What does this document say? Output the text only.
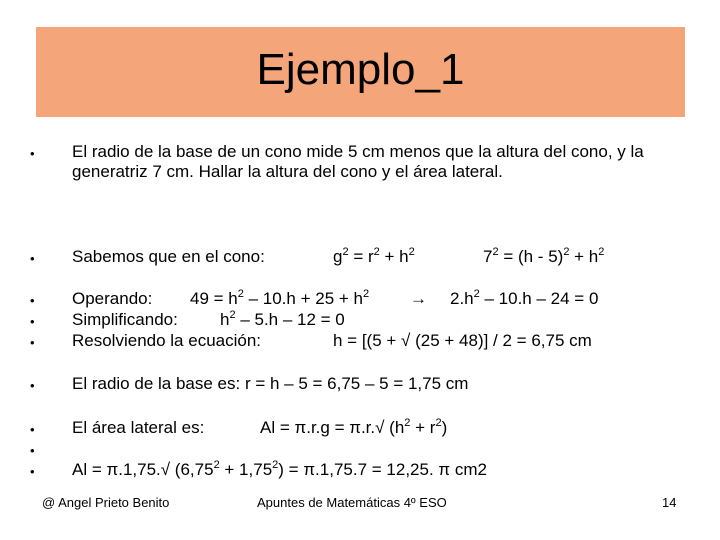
Ejemplo_1
• El radio de la base de un cono mide 5 cm menos que la altura del cono, y la
generatriz 7 cm. Hallar la altura del cono y el área lateral.
• Sabemos que en el cono:	$g^2 = r^2 + h^2$	$7^2 = (h - 5)^2 + h^2$
• Operando: $49 = h^2 - 10.h + 25 + h^2 \to 2.h^2 - 10.h - 24 = 0$
• Simplificando: $h^2 - 5.h - 12 = 0$
• Resolviendo la ecuación:	h = [(5 + √ (25 + 48)] / 2 = 6,75 cm
• El radio de la base es: r = h – 5 = 6,75 – 5 = 1,75 cm
• El área lateral es:	Al = π.r.g = π.r.√ $(h^2 + r^2)$
•
• Al = π.1,75.√ $(6,75^2 + 1,75^2) = \pi.1,75.7 = 12,25$. π cm2
@ Angel Prieto Benito	Apuntes de Matemáticas 4º ESO	14
